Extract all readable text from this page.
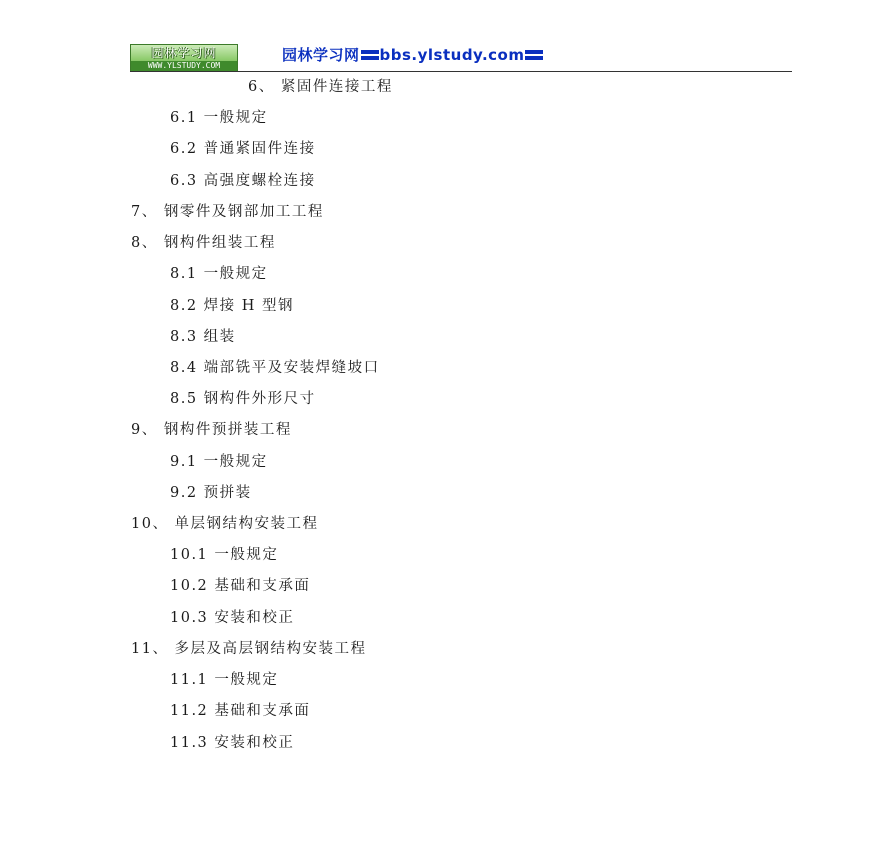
园林学习网
WWW.YLSTUDY.COM
园林学习网 bbs.ylstudy.com
6、 紧固件连接工程
6.1 一般规定
6.2 普通紧固件连接
6.3 高强度螺栓连接
7、 钢零件及钢部加工工程
8、 钢构件组装工程
8.1 一般规定
8.2 焊接 H 型钢
8.3 组装
8.4 端部铣平及安装焊缝坡口
8.5 钢构件外形尺寸
9、 钢构件预拼装工程
9.1 一般规定
9.2 预拼装
10、 单层钢结构安装工程
10.1 一般规定
10.2 基础和支承面
10.3 安装和校正
11、 多层及高层钢结构安装工程
11.1 一般规定
11.2 基础和支承面
11.3 安装和校正
